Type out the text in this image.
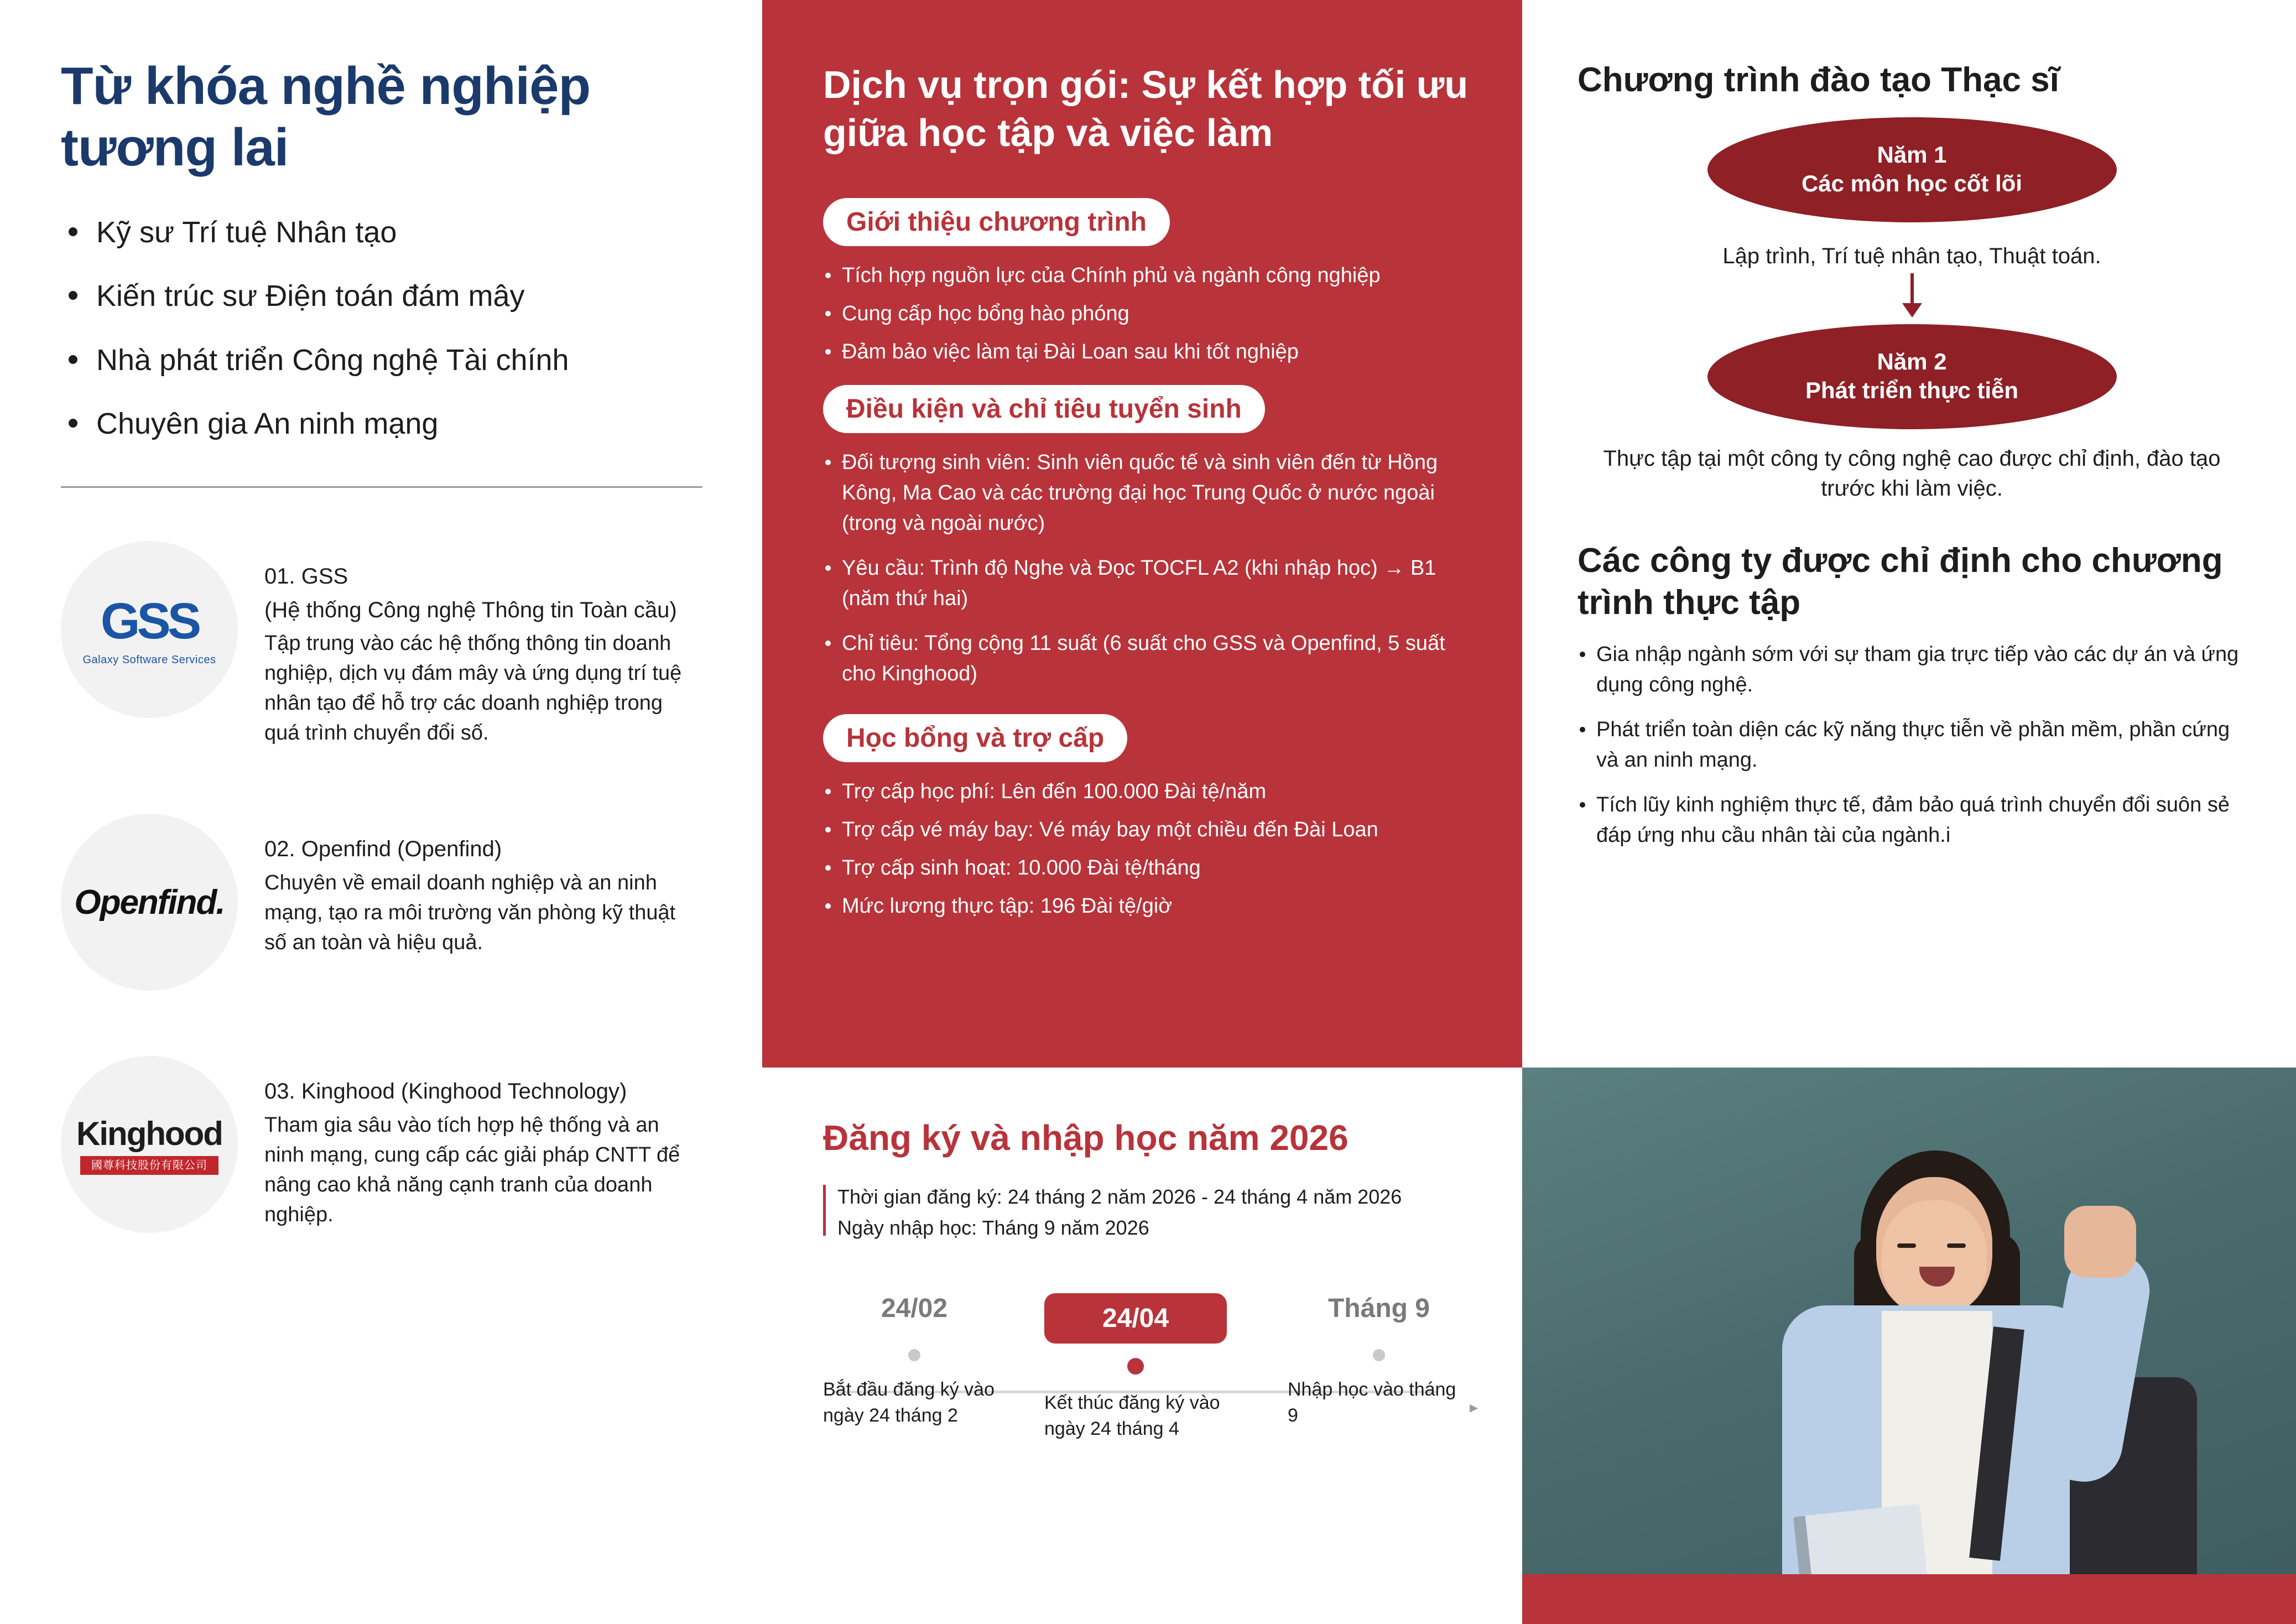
Từ khóa nghề nghiệp tương lai
Kỹ sư Trí tuệ Nhân tạo
Kiến trúc sư Điện toán đám mây
Nhà phát triển Công nghệ Tài chính
Chuyên gia An ninh mạng
GSS
Galaxy Software Services
01. GSS
(Hệ thống Công nghệ Thông tin Toàn cầu)
Tập trung vào các hệ thống thông tin doanh nghiệp, dịch vụ đám mây và ứng dụng trí tuệ nhân tạo để hỗ trợ các doanh nghiệp trong quá trình chuyển đổi số.
Openfind.
02. Openfind (Openfind)
Chuyên về email doanh nghiệp và an ninh mạng, tạo ra môi trường văn phòng kỹ thuật số an toàn và hiệu quả.
Kinghood
國尊科技股份有限公司
03. Kinghood (Kinghood Technology)
Tham gia sâu vào tích hợp hệ thống và an ninh mạng, cung cấp các giải pháp CNTT để nâng cao khả năng cạnh tranh của doanh nghiệp.
Dịch vụ trọn gói: Sự kết hợp tối ưu giữa học tập và việc làm
Giới thiệu chương trình
Tích hợp nguồn lực của Chính phủ và ngành công nghiệp
Cung cấp học bổng hào phóng
Đảm bảo việc làm tại Đài Loan sau khi tốt nghiệp
Điều kiện và chỉ tiêu tuyển sinh
Đối tượng sinh viên: Sinh viên quốc tế và sinh viên đến từ Hồng Kông, Ma Cao và các trường đại học Trung Quốc ở nước ngoài (trong và ngoài nước)
Yêu cầu: Trình độ Nghe và Đọc TOCFL A2 (khi nhập học) → B1 (năm thứ hai)
Chỉ tiêu: Tổng cộng 11 suất (6 suất cho GSS và Openfind, 5 suất cho Kinghood)
Học bổng và trợ cấp
Trợ cấp học phí: Lên đến 100.000 Đài tệ/năm
Trợ cấp vé máy bay: Vé máy bay một chiều đến Đài Loan
Trợ cấp sinh hoạt: 10.000 Đài tệ/tháng
Mức lương thực tập: 196 Đài tệ/giờ
Chương trình đào tạo Thạc sĩ
Năm 1
Các môn học cốt lõi
Lập trình, Trí tuệ nhân tạo, Thuật toán.
Năm 2
Phát triển thực tiễn
Thực tập tại một công ty công nghệ cao được chỉ định, đào tạo trước khi làm việc.
Các công ty được chỉ định cho chương trình thực tập
Gia nhập ngành sớm với sự tham gia trực tiếp vào các dự án và ứng dụng công nghệ.
Phát triển toàn diện các kỹ năng thực tiễn về phần mềm, phần cứng và an ninh mạng.
Tích lũy kinh nghiệm thực tế, đảm bảo quá trình chuyển đổi suôn sẻ đáp ứng nhu cầu nhân tài của ngành.i
Đăng ký và nhập học năm 2026
Thời gian đăng ký: 24 tháng 2 năm 2026 - 24 tháng 4 năm 2026
Ngày nhập học: Tháng 9 năm 2026
24/02
Bắt đầu đăng ký vào ngày 24 tháng 2
24/04
Kết thúc đăng ký vào ngày 24 tháng 4
Tháng 9
Nhập học vào tháng 9	▸
